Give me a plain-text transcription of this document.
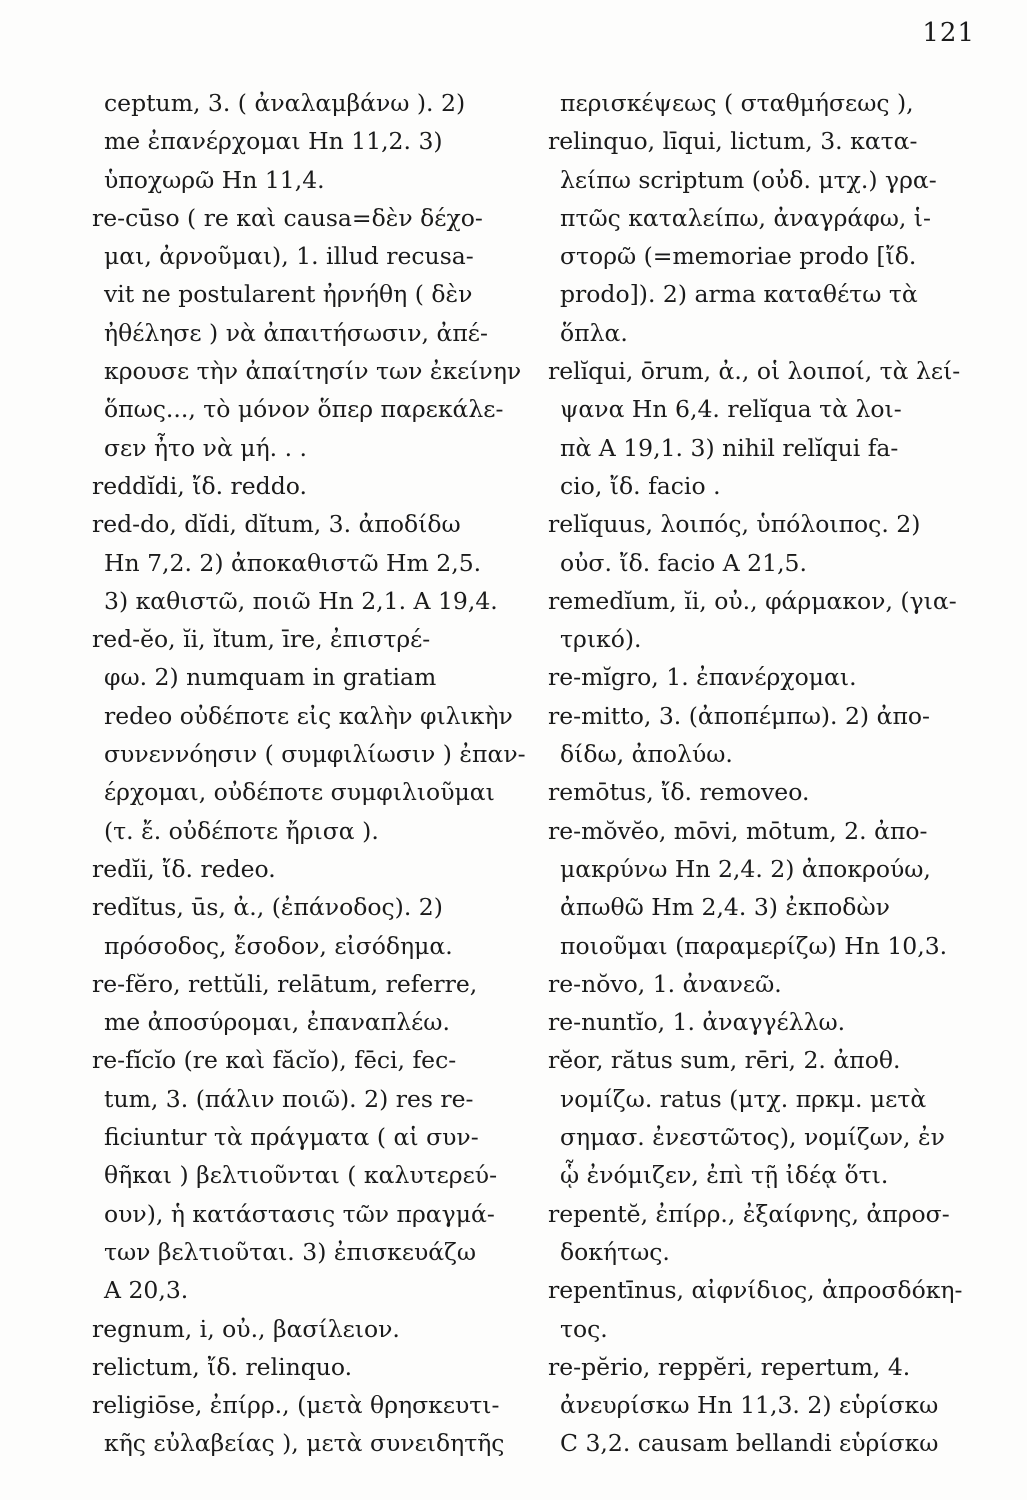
121
ceptum, 3. ( ἀναλαμβάνω ). 2)
me ἐπανέρχομαι Hn 11,2. 3)
ὑποχωρῶ Hn 11,4.
re-cūso ( re καὶ causa=δὲν δέχο-
μαι, ἀρνοῦμαι), 1. illud recusa-
vit ne postularent ἠρνήθη ( δὲν
ἠθέλησε ) νὰ ἀπαιτήσωσιν, ἀπέ-
κρουσε τὴν ἀπαίτησίν των ἐκείνην
ὅπως..., τὸ μόνον ὅπερ παρεκάλε-
σεν ἦτο νὰ μή. . .
reddĭdi, ἴδ. reddo.
red-do, dĭdi, dĭtum, 3. ἀποδίδω
Hn 7,2. 2) ἀποκαθιστῶ Hm 2,5.
3) καθιστῶ, ποιῶ Hn 2,1. A 19,4.
red-ĕo, ĭi, ĭtum, īre, ἐπιστρέ-
φω. 2) numquam in gratiam
redeo οὐδέποτε εἰς καλὴν φιλικὴν
συνεννόησιν ( συμφιλίωσιν ) ἐπαν-
έρχομαι, οὐδέποτε συμφιλιοῦμαι
(τ. ἔ. οὐδέποτε ἤρισα ).
redĭi, ἴδ. redeo.
redĭtus, ūs, ἀ., (ἐπάνοδος). 2)
πρόσοδος, ἔσοδον, εἰσόδημα.
re-fĕro, rettŭli, relātum, referre,
me ἀποσύρομαι, ἐπαναπλέω.
re-fĭcĭo (re καὶ făcĭo), fēci, fec-
tum, 3. (πάλιν ποιῶ). 2) res re-
ficiuntur τὰ πράγματα ( αἱ συν-
θῆκαι ) βελτιοῦνται ( καλυτερεύ-
ουν), ἡ κατάστασις τῶν πραγμά-
των βελτιοῦται. 3) ἐπισκευάζω
A 20,3.
regnum, i, οὐ., βασίλειον.
relictum, ἴδ. relinquo.
religiōse, ἐπίρρ., (μετὰ θρησκευτι-
κῆς εὐλαβείας ), μετὰ συνειδητῆς
περισκέψεως ( σταθμήσεως ),
relinquo, līqui, lictum, 3. κατα-
λείπω scriptum (οὐδ. μτχ.) γρα-
πτῶς καταλείπω, ἀναγράφω, ἱ-
στορῶ (=memoriae prodo [ἴδ.
prodo]). 2) arma καταθέτω τὰ
ὅπλα.
relĭqui, ōrum, ἀ., οἱ λοιποί, τὰ λεί-
ψανα Hn 6,4. relĭqua τὰ λοι-
πὰ A 19,1. 3) nihil relĭqui fa-
cio, ἴδ. facio .
relĭquus, λοιπός, ὑπόλοιπος. 2)
οὐσ. ἴδ. facio A 21,5.
remedĭum, ĭi, οὐ., φάρμακον, (για-
τρικό).
re-mĭgro, 1. ἐπανέρχομαι.
re-mitto, 3. (ἀποπέμπω). 2) ἀπο-
δίδω, ἀπολύω.
remōtus, ἴδ. removeo.
re-mŏvĕo, mōvi, mōtum, 2. ἀπο-
μακρύνω Hn 2,4. 2) ἀποκρούω,
ἀπωθῶ Hm 2,4. 3) ἐκποδὼν
ποιοῦμαι (παραμερίζω) Hn 10,3.
re-nŏvo, 1. ἀνανεῶ.
re-nuntĭo, 1. ἀναγγέλλω.
rĕor, rătus sum, rēri, 2. ἀποθ.
νομίζω. ratus (μτχ. πρκμ. μετὰ
σημασ. ἐνεστῶτος), νομίζων, ἐν
ᾧ ἐνόμιζεν, ἐπὶ τῇ ἰδέᾳ ὅτι.
repentĕ, ἐπίρρ., ἐξαίφνης, ἀπροσ-
δοκήτως.
repentīnus, αἰφνίδιος, ἀπροσδόκη-
τος.
re-pĕrio, reppĕri, repertum, 4.
ἀνευρίσκω Hn 11,3. 2) εὑρίσκω
C 3,2. causam bellandi εὑρίσκω
